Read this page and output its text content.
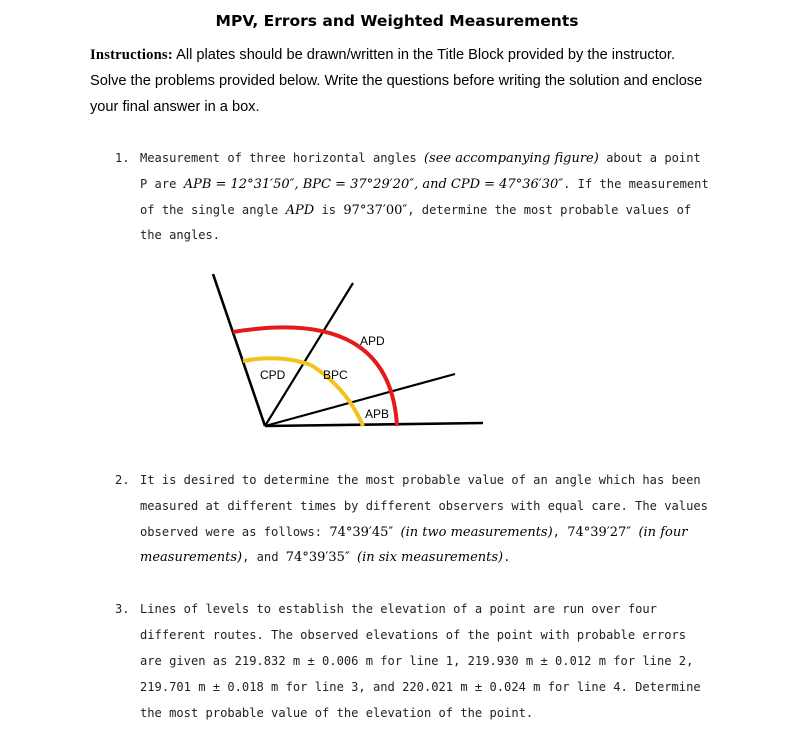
MPV, Errors and Weighted Measurements
Instructions: All plates should be drawn/written in the Title Block provided by the instructor. Solve the problems provided below. Write the questions before writing the solution and enclose your final answer in a box.
1. Measurement of three horizontal angles (see accompanying figure) about a point P are APB = 12°31′50″, BPC = 37°29′20″, and CPD = 47°36′30″. If the measurement of the single angle APD is 97°37′00″, determine the most probable values of the angles.
APD
CPD	BPC
APB
2. It is desired to determine the most probable value of an angle which has been measured at different times by different observers with equal care. The values observed were as follows: 74°39′45″ (in two measurements), 74°39′27″ (in four measurements), and 74°39′35″ (in six measurements).
3. Lines of levels to establish the elevation of a point are run over four different routes. The observed elevations of the point with probable errors are given as 219.832 m ± 0.006 m for line 1, 219.930 m ± 0.012 m for line 2, 219.701 m ± 0.018 m for line 3, and 220.021 m ± 0.024 m for line 4. Determine the most probable value of the elevation of the point.
